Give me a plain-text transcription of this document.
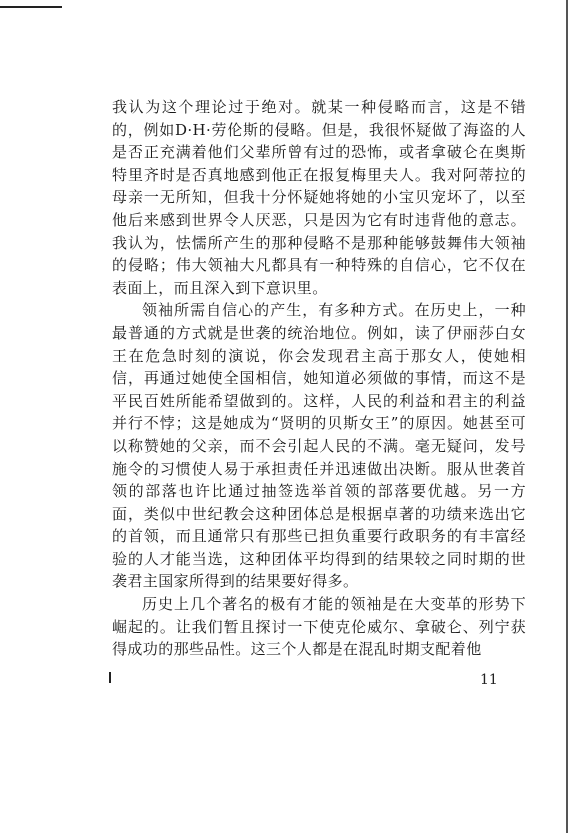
我认为这个理论过于绝对。就某一种侵略而言，这是不错的，例如D·H·劳伦斯的侵略。但是，我很怀疑做了海盗的人是否正充满着他们父辈所曾有过的恐怖，或者拿破仑在奥斯特里齐时是否真地感到他正在报复梅里夫人。我对阿蒂拉的母亲一无所知，但我十分怀疑她将她的小宝贝宠坏了，以至他后来感到世界令人厌恶，只是因为它有时违背他的意志。我认为，怯懦所产生的那种侵略不是那种能够鼓舞伟大领袖的侵略；伟大领袖大凡都具有一种特殊的自信心，它不仅在表面上，而且深入到下意识里。

领袖所需自信心的产生，有多种方式。在历史上，一种最普通的方式就是世袭的统治地位。例如，读了伊丽莎白女王在危急时刻的演说，你会发现君主高于那女人，使她相信，再通过她使全国相信，她知道必须做的事情，而这不是平民百姓所能希望做到的。这样，人民的利益和君主的利益并行不悖；这是她成为“贤明的贝斯女王”的原因。她甚至可以称赞她的父亲，而不会引起人民的不满。毫无疑问，发号施令的习惯使人易于承担责任并迅速做出决断。服从世袭首领的部落也许比通过抽签选举首领的部落要优越。另一方面，类似中世纪教会这种团体总是根据卓著的功绩来选出它的首领，而且通常只有那些已担负重要行政职务的有丰富经验的人才能当选，这种团体平均得到的结果较之同时期的世袭君主国家所得到的结果要好得多。

历史上几个著名的极有才能的领袖是在大变革的形势下崛起的。让我们暂且探讨一下使克伦威尔、拿破仑、列宁获得成功的那些品性。这三个人都是在混乱时期支配着他

11
